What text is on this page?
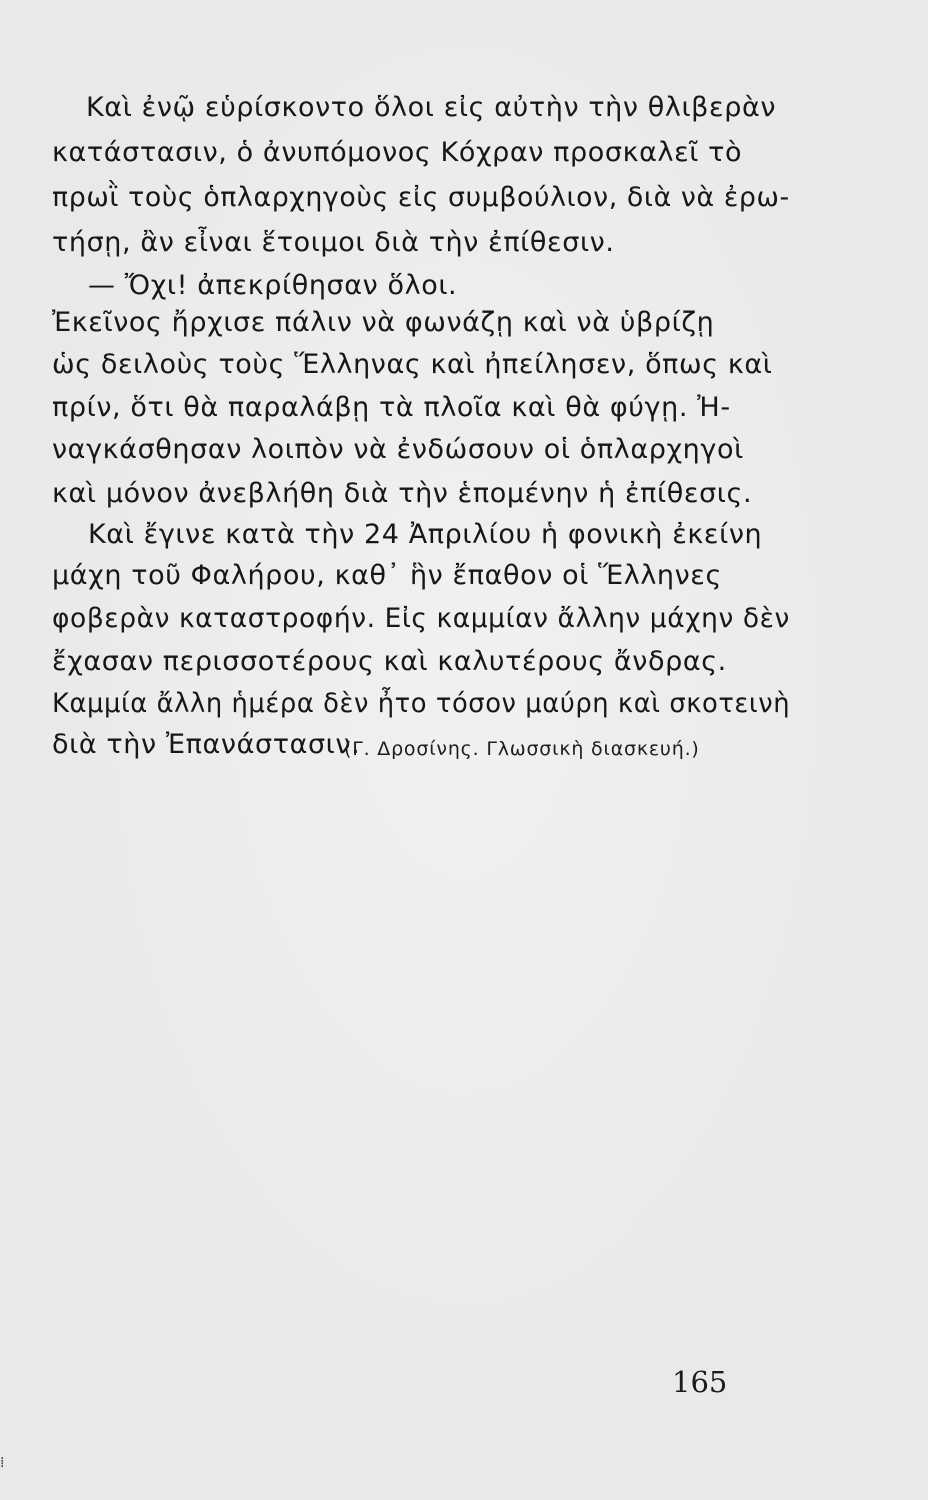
Καὶ ἐνῷ εὑρίσκοντο ὅλοι εἰς αὐτὴν τὴν θλιβερὰν
κατάστασιν, ὁ ἀνυπόμονος Κόχραν προσκαλεῖ τὸ
πρωῒ τοὺς ὁπλαρχηγοὺς εἰς συμβούλιον, διὰ νὰ ἐρω-
τήσῃ, ἂν εἶναι ἕτοιμοι διὰ τὴν ἐπίθεσιν.
— Ὄχι! ἀπεκρίθησαν ὅλοι.
Ἐκεῖνος ἤρχισε πάλιν νὰ φωνάζῃ καὶ νὰ ὑβρίζῃ
ὡς δειλοὺς τοὺς Ἕλληνας καὶ ἠπείλησεν, ὅπως καὶ
πρίν, ὅτι θὰ παραλάβῃ τὰ πλοῖα καὶ θὰ φύγῃ. Ἠ-
ναγκάσθησαν λοιπὸν νὰ ἐνδώσουν οἱ ὁπλαρχηγοὶ
καὶ μόνον ἀνεβλήθη διὰ τὴν ἑπομένην ἡ ἐπίθεσις.
Καὶ ἔγινε κατὰ τὴν 24 Ἀπριλίου ἡ φονικὴ ἐκείνη
μάχη τοῦ Φαλήρου, καθ᾽ ἣν ἔπαθον οἱ Ἕλληνες
φοβερὰν καταστροφήν. Εἰς καμμίαν ἄλλην μάχην δὲν
ἔχασαν περισσοτέρους καὶ καλυτέρους ἄνδρας.
Καμμία ἄλλη ἡμέρα δὲν ἦτο τόσον μαύρη καὶ σκοτεινὴ
διὰ τὴν Ἐπανάστασιν.
(Γ. Δροσίνης. Γλωσσικὴ διασκευή.)
165
⁞
